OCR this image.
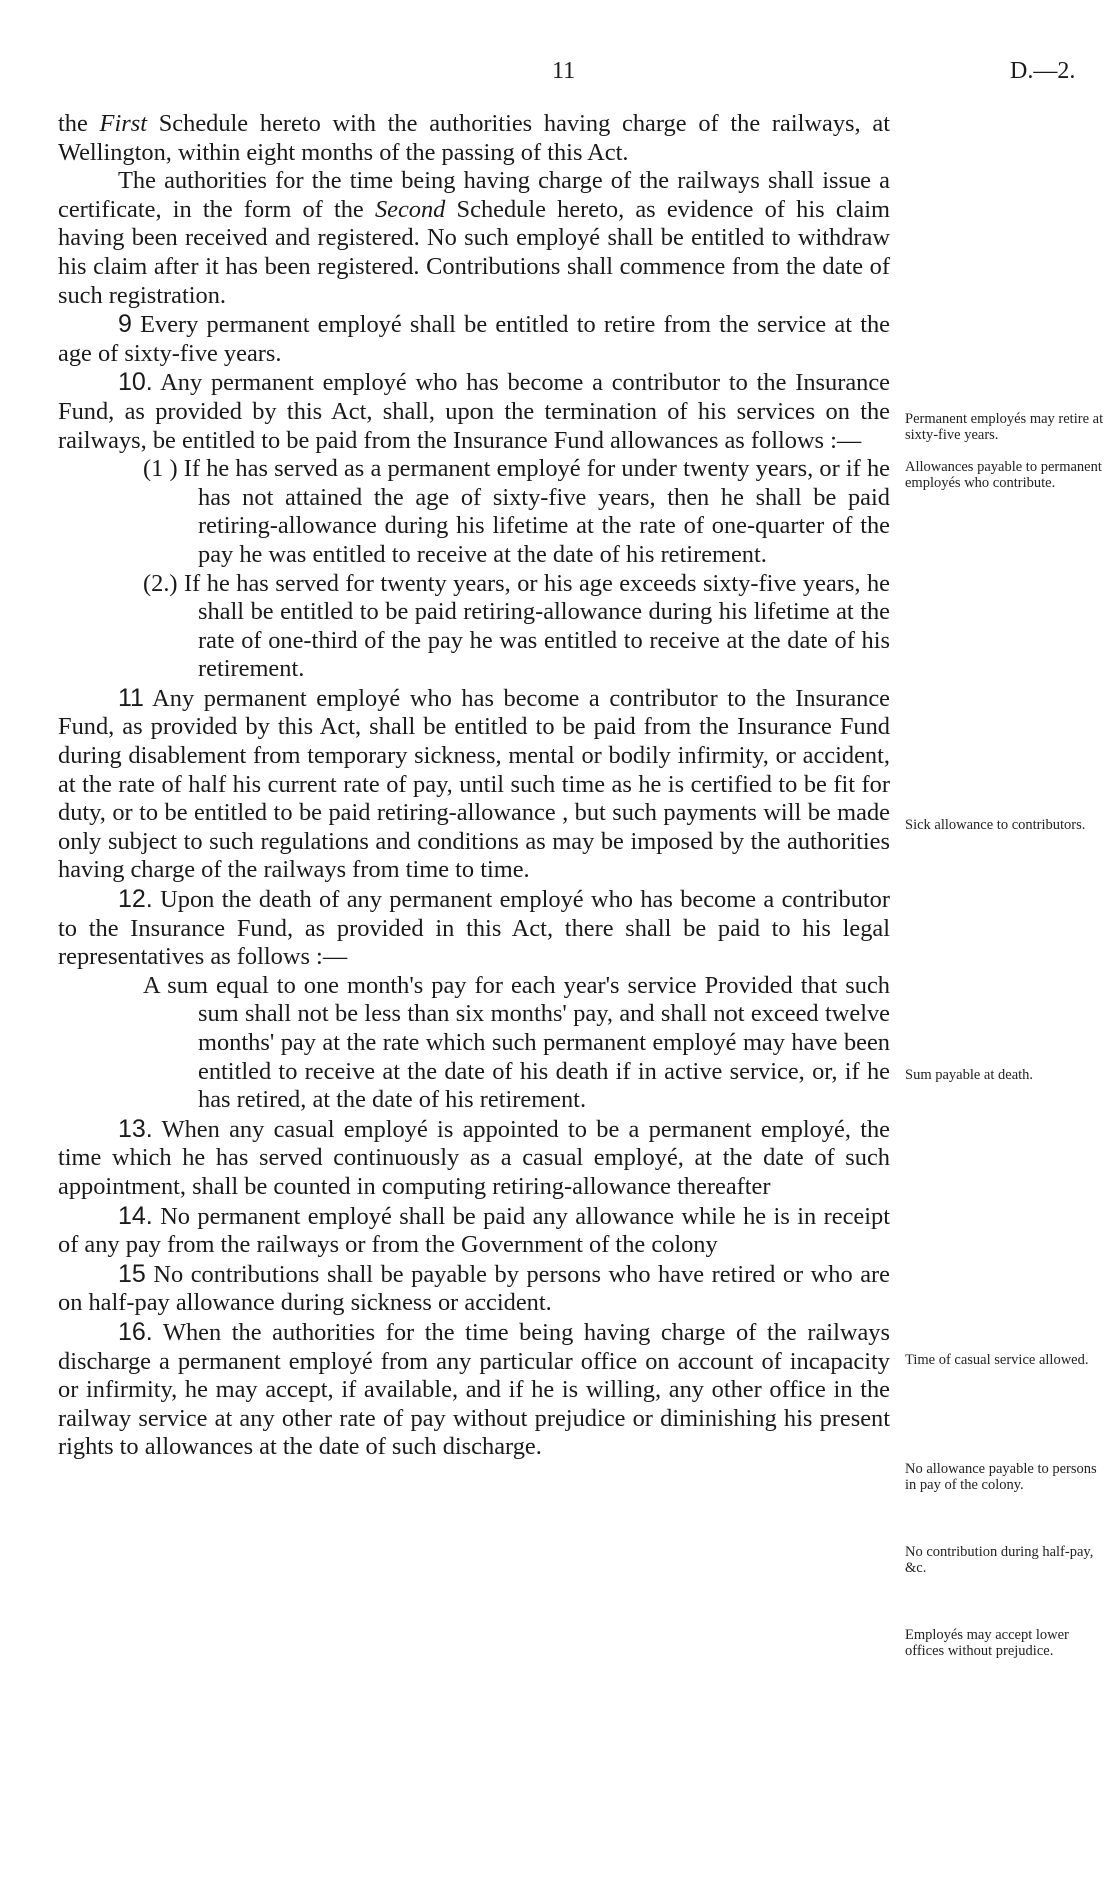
11	D.—2.

the First Schedule hereto with the authorities having charge of the railways, at Wellington, within eight months of the passing of this Act.

The authorities for the time being having charge of the railways shall issue a certificate, in the form of the Second Schedule hereto, as evidence of his claim having been received and registered. No such employé shall be entitled to withdraw his claim after it has been registered. Contributions shall commence from the date of such registration.

9 Every permanent employé shall be entitled to retire from the service at the age of sixty-five years.

10. Any permanent employé who has become a contributor to the Insurance Fund, as provided by this Act, shall, upon the termination of his services on the railways, be entitled to be paid from the Insurance Fund allowances as follows :—

(1 ) If he has served as a permanent employé for under twenty years, or if he has not attained the age of sixty-five years, then he shall be paid retiring-allowance during his lifetime at the rate of one-quarter of the pay he was entitled to receive at the date of his retirement.

(2.) If he has served for twenty years, or his age exceeds sixty-five years, he shall be entitled to be paid retiring-allowance during his lifetime at the rate of one-third of the pay he was entitled to receive at the date of his retirement.

11 Any permanent employé who has become a contributor to the Insurance Fund, as provided by this Act, shall be entitled to be paid from the Insurance Fund during disablement from temporary sickness, mental or bodily infirmity, or accident, at the rate of half his current rate of pay, until such time as he is certified to be fit for duty, or to be entitled to be paid retiring-allowance , but such payments will be made only subject to such regulations and conditions as may be imposed by the authorities having charge of the railways from time to time.

12. Upon the death of any permanent employé who has become a contributor to the Insurance Fund, as provided in this Act, there shall be paid to his legal representatives as follows :—

A sum equal to one month's pay for each year's service Provided that such sum shall not be less than six months' pay, and shall not exceed twelve months' pay at the rate which such permanent employé may have been entitled to receive at the date of his death if in active service, or, if he has retired, at the date of his retirement.

13. When any casual employé is appointed to be a permanent employé, the time which he has served continuously as a casual employé, at the date of such appointment, shall be counted in computing retiring-allowance thereafter

14. No permanent employé shall be paid any allowance while he is in receipt of any pay from the railways or from the Government of the colony

15 No contributions shall be payable by persons who have retired or who are on half-pay allowance during sickness or accident.

16. When the authorities for the time being having charge of the railways discharge a permanent employé from any particular office on account of incapacity or infirmity, he may accept, if available, and if he is willing, any other office in the railway service at any other rate of pay without prejudice or diminishing his present rights to allowances at the date of such discharge.

Permanent employés may retire at sixty-five years.
Allowances payable to permanent employés who contribute.
Sick allowance to contributors.
Sum payable at death.
Time of casual service allowed.
No allowance payable to persons in pay of the colony.
No contribution during half-pay, &c.
Employés may accept lower offices without prejudice.
